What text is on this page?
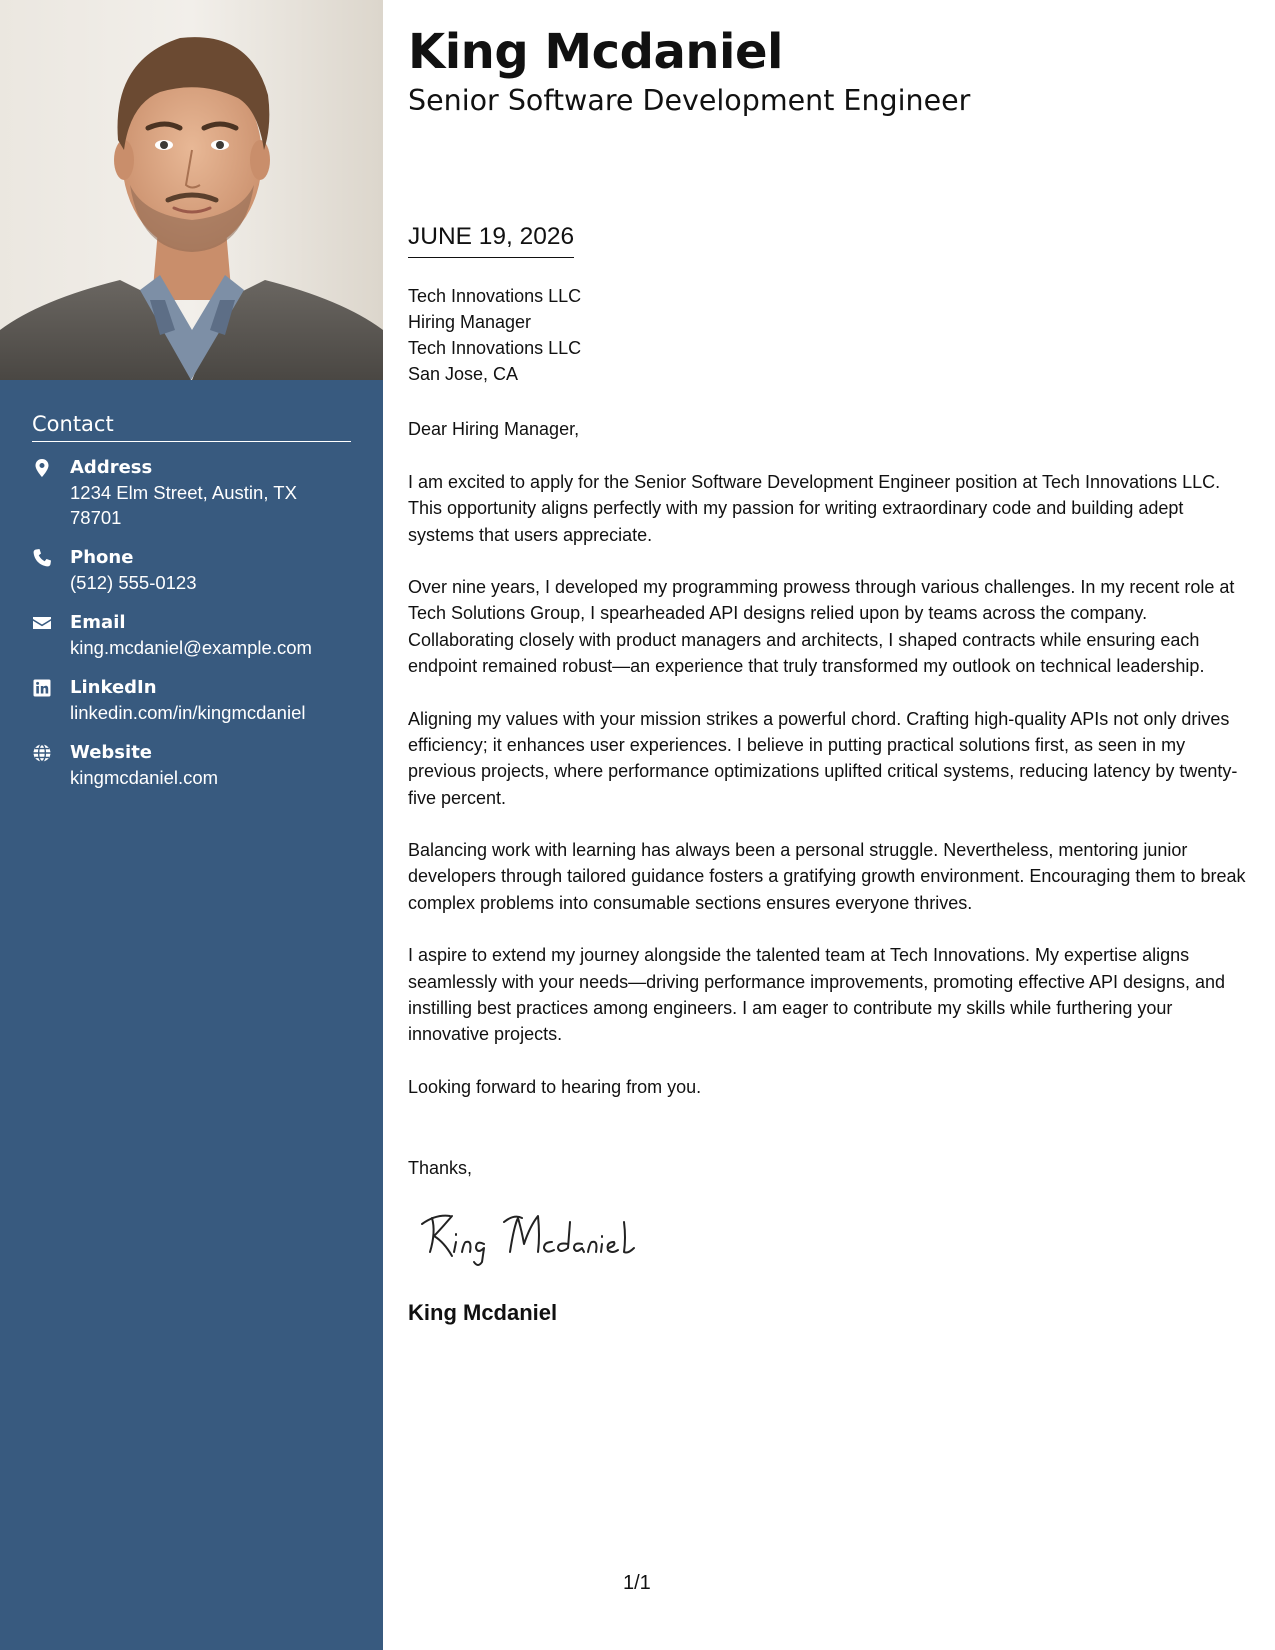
Contact
Address
1234 Elm Street, Austin, TX 78701
Phone
(512) 555-0123
Email
king.mcdaniel@example.com
LinkedIn
linkedin.com/in/kingmcdaniel
Website
kingmcdaniel.com
King Mcdaniel
Senior Software Development Engineer
JUNE 19, 2026
Tech Innovations LLC
Hiring Manager
Tech Innovations LLC
San Jose, CA
Dear Hiring Manager,

I am excited to apply for the Senior Software Development Engineer position at Tech Innovations LLC. This opportunity aligns perfectly with my passion for writing extraordinary code and building adept systems that users appreciate.

Over nine years, I developed my programming prowess through various challenges. In my recent role at Tech Solutions Group, I spearheaded API designs relied upon by teams across the company. Collaborating closely with product managers and architects, I shaped contracts while ensuring each endpoint remained robust—an experience that truly transformed my outlook on technical leadership.

Aligning my values with your mission strikes a powerful chord. Crafting high-quality APIs not only drives efficiency; it enhances user experiences. I believe in putting practical solutions first, as seen in my previous projects, where performance optimizations uplifted critical systems, reducing latency by twenty-five percent.

Balancing work with learning has always been a personal struggle. Nevertheless, mentoring junior developers through tailored guidance fosters a gratifying growth environment. Encouraging them to break complex problems into consumable sections ensures everyone thrives.

I aspire to extend my journey alongside the talented team at Tech Innovations. My expertise aligns seamlessly with your needs—driving performance improvements, promoting effective API designs, and instilling best practices among engineers. I am eager to contribute my skills while furthering your innovative projects.

Looking forward to hearing from you.

Thanks,
King Mcdaniel
1/1
